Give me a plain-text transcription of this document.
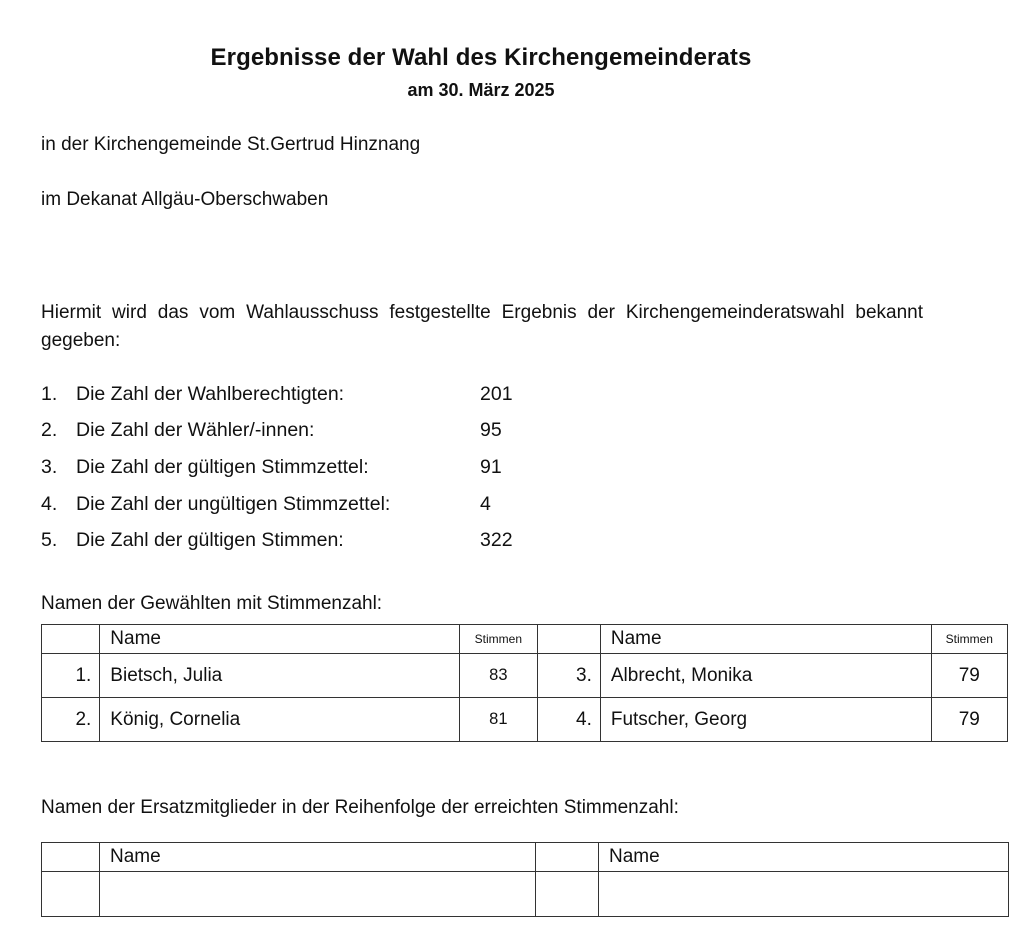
Ergebnisse der Wahl des Kirchengemeinderats
am 30. März 2025
in der Kirchengemeinde St.Gertrud Hinznang
im Dekanat Allgäu-Oberschwaben
Hiermit wird das vom Wahlausschuss festgestellte Ergebnis der Kirchengemeinderatswahl bekannt gegeben:
1. Die Zahl der Wahlberechtigten:	201
2. Die Zahl der Wähler/-innen:	95
3. Die Zahl der gültigen Stimmzettel:	91
4. Die Zahl der ungültigen Stimmzettel:	4
5. Die Zahl der gültigen Stimmen:	322
Namen der Gewählten mit Stimmenzahl:
	Name	Stimmen		Name	Stimmen
1.	Bietsch, Julia	83	3.	Albrecht, Monika	79
2.	König, Cornelia	81	4.	Futscher, Georg	79
Namen der Ersatzmitglieder in der Reihenfolge der erreichten Stimmenzahl:
	Name		Name
